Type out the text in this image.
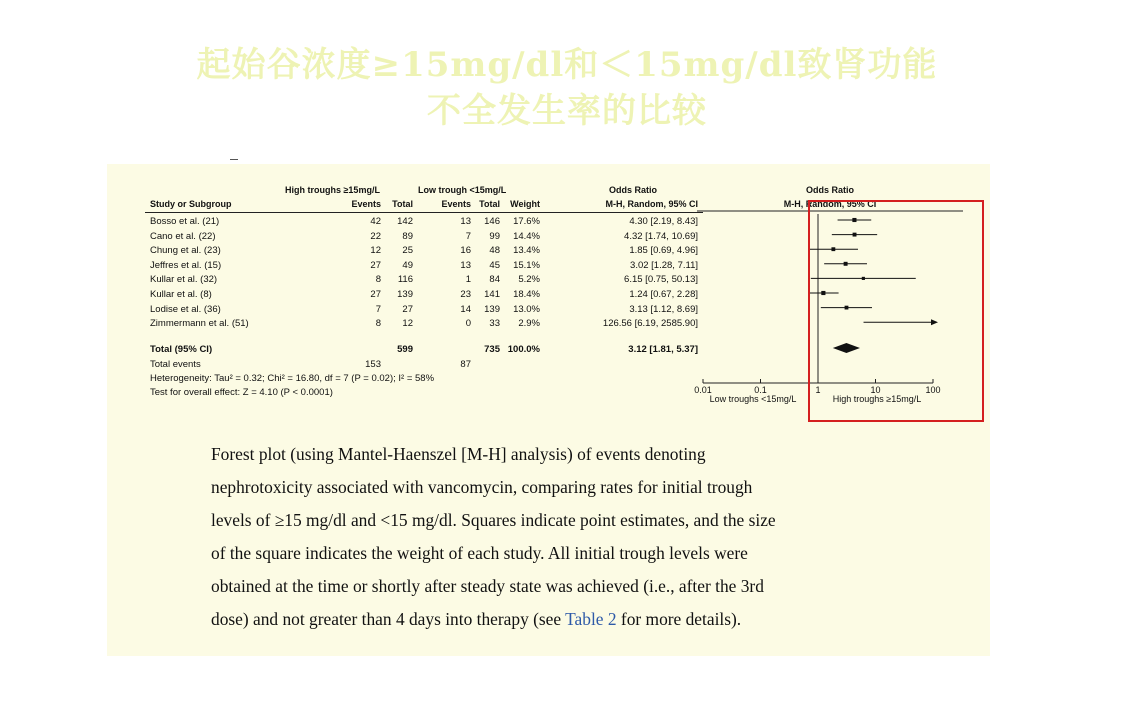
起始谷浓度≥15mg/dl和＜15mg/dl致肾功能
不全发生率的比较
High troughs ≥15mg/L	Low trough <15mg/L	Odds Ratio
Study or Subgroup	Events Total	Events Total Weight	M-H, Random, 95% CI
Bosso et al. (21)	42 142	13 146 17.6%	4.30 [2.19, 8.43]
Cano et al. (22)	22 89	7 99 14.4%	4.32 [1.74, 10.69]
Chung et al. (23)	12 25	16 48 13.4%	1.85 [0.69, 4.96]
Jeffres et al. (15)	27 49	13 45 15.1%	3.02 [1.28, 7.11]
Kullar et al. (32)	8 116	1 84 5.2%	6.15 [0.75, 50.13]
Kullar et al. (8)	27 139	23 141 18.4%	1.24 [0.67, 2.28]
Lodise et al. (36)	7 27	14 139 13.0%	3.13 [1.12, 8.69]
Zimmermann et al. (51)	8 12	0 33 2.9%	126.56 [6.19, 2585.90]
Total (95% CI)	599	735 100.0%	3.12 [1.81, 5.37]
Total events	153	87
Heterogeneity: Tau² = 0.32; Chi² = 16.80, df = 7 (P = 0.02); I² = 58%
Test for overall effect: Z = 4.10 (P < 0.0001)
Odds Ratio
M-H, Random, 95% CI
0.01	0.1	1	10	100
Low troughs <15mg/L	High troughs ≥15mg/L
Forest plot (using Mantel-Haenszel [M-H] analysis) of events denoting
nephrotoxicity associated with vancomycin, comparing rates for initial trough
levels of ≥15 mg/dl and <15 mg/dl. Squares indicate point estimates, and the size
of the square indicates the weight of each study. All initial trough levels were
obtained at the time or shortly after steady state was achieved (i.e., after the 3rd
dose) and not greater than 4 days into therapy (see Table 2 for more details).
